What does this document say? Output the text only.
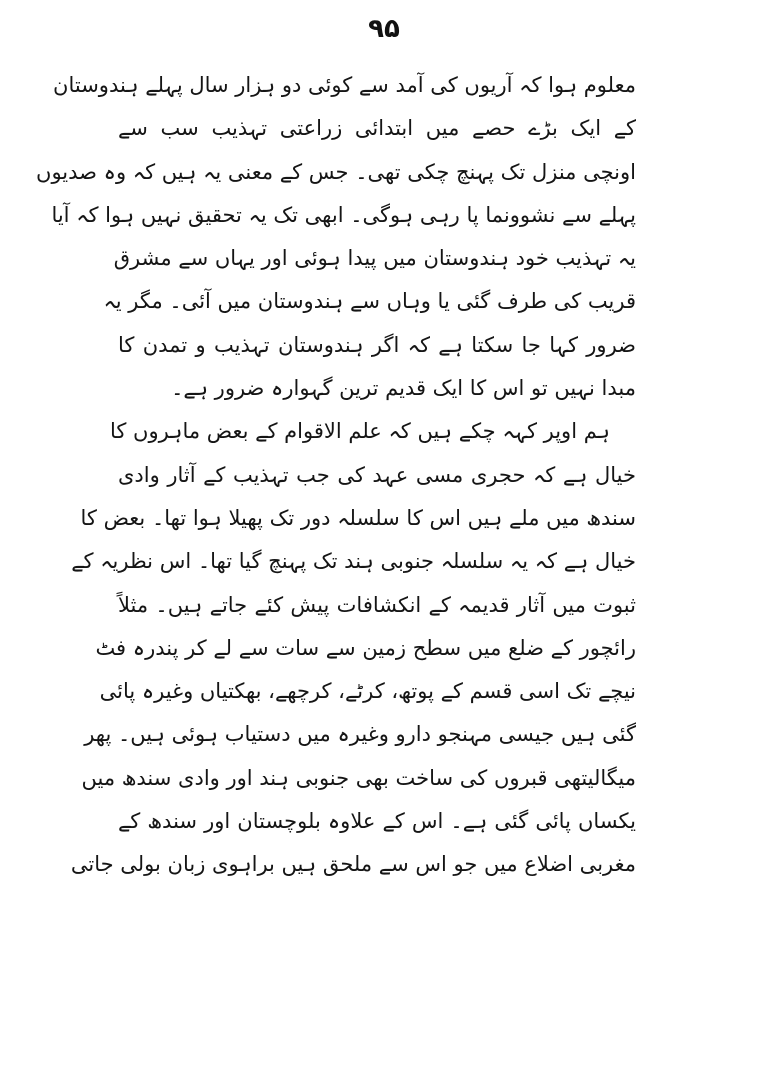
۹۵
معلوم ہوا کہ آریوں کی آمد سے کوئی دو ہزار سال پہلے ہندوستان
کے ایک بڑے حصے میں ابتدائی زراعتی تہذیب سب سے
اونچی منزل تک پہنچ چکی تھی۔ جس کے معنی یہ ہیں کہ وہ صدیوں
پہلے سے نشوونما پا رہی ہوگی۔ ابھی تک یہ تحقیق نہیں ہوا کہ آیا
یہ تہذیب خود ہندوستان میں پیدا ہوئی اور یہاں سے مشرق
قریب کی طرف گئی یا وہاں سے ہندوستان میں آئی۔ مگر یہ
ضرور کہا جا سکتا ہے کہ اگر ہندوستان تہذیب و تمدن کا
مبدا نہیں تو اس کا ایک قدیم ترین گہوارہ ضرور ہے۔
ہم اوپر کہہ چکے ہیں کہ علم الاقوام کے بعض ماہروں کا
خیال ہے کہ حجری مسی عہد کی جب تہذیب کے آثار وادی
سندھ میں ملے ہیں اس کا سلسلہ دور تک پھیلا ہوا تھا۔ بعض کا
خیال ہے کہ یہ سلسلہ جنوبی ہند تک پہنچ گیا تھا۔ اس نظریہ کے
ثبوت میں آثار قدیمہ کے انکشافات پیش کئے جاتے ہیں۔ مثلاً
رائچور کے ضلع میں سطح زمین سے سات سے لے کر پندرہ فٹ
نیچے تک اسی قسم کے پوتھ، کرٹے، کرچھے، بھکتیاں وغیرہ پائی
گئی ہیں جیسی مہنجو دارو وغیرہ میں دستیاب ہوئی ہیں۔ پھر
میگالیتھی قبروں کی ساخت بھی جنوبی ہند اور وادی سندھ میں
یکساں پائی گئی ہے۔ اس کے علاوہ بلوچستان اور سندھ کے
مغربی اضلاع میں جو اس سے ملحق ہیں براہوی زبان بولی جاتی
